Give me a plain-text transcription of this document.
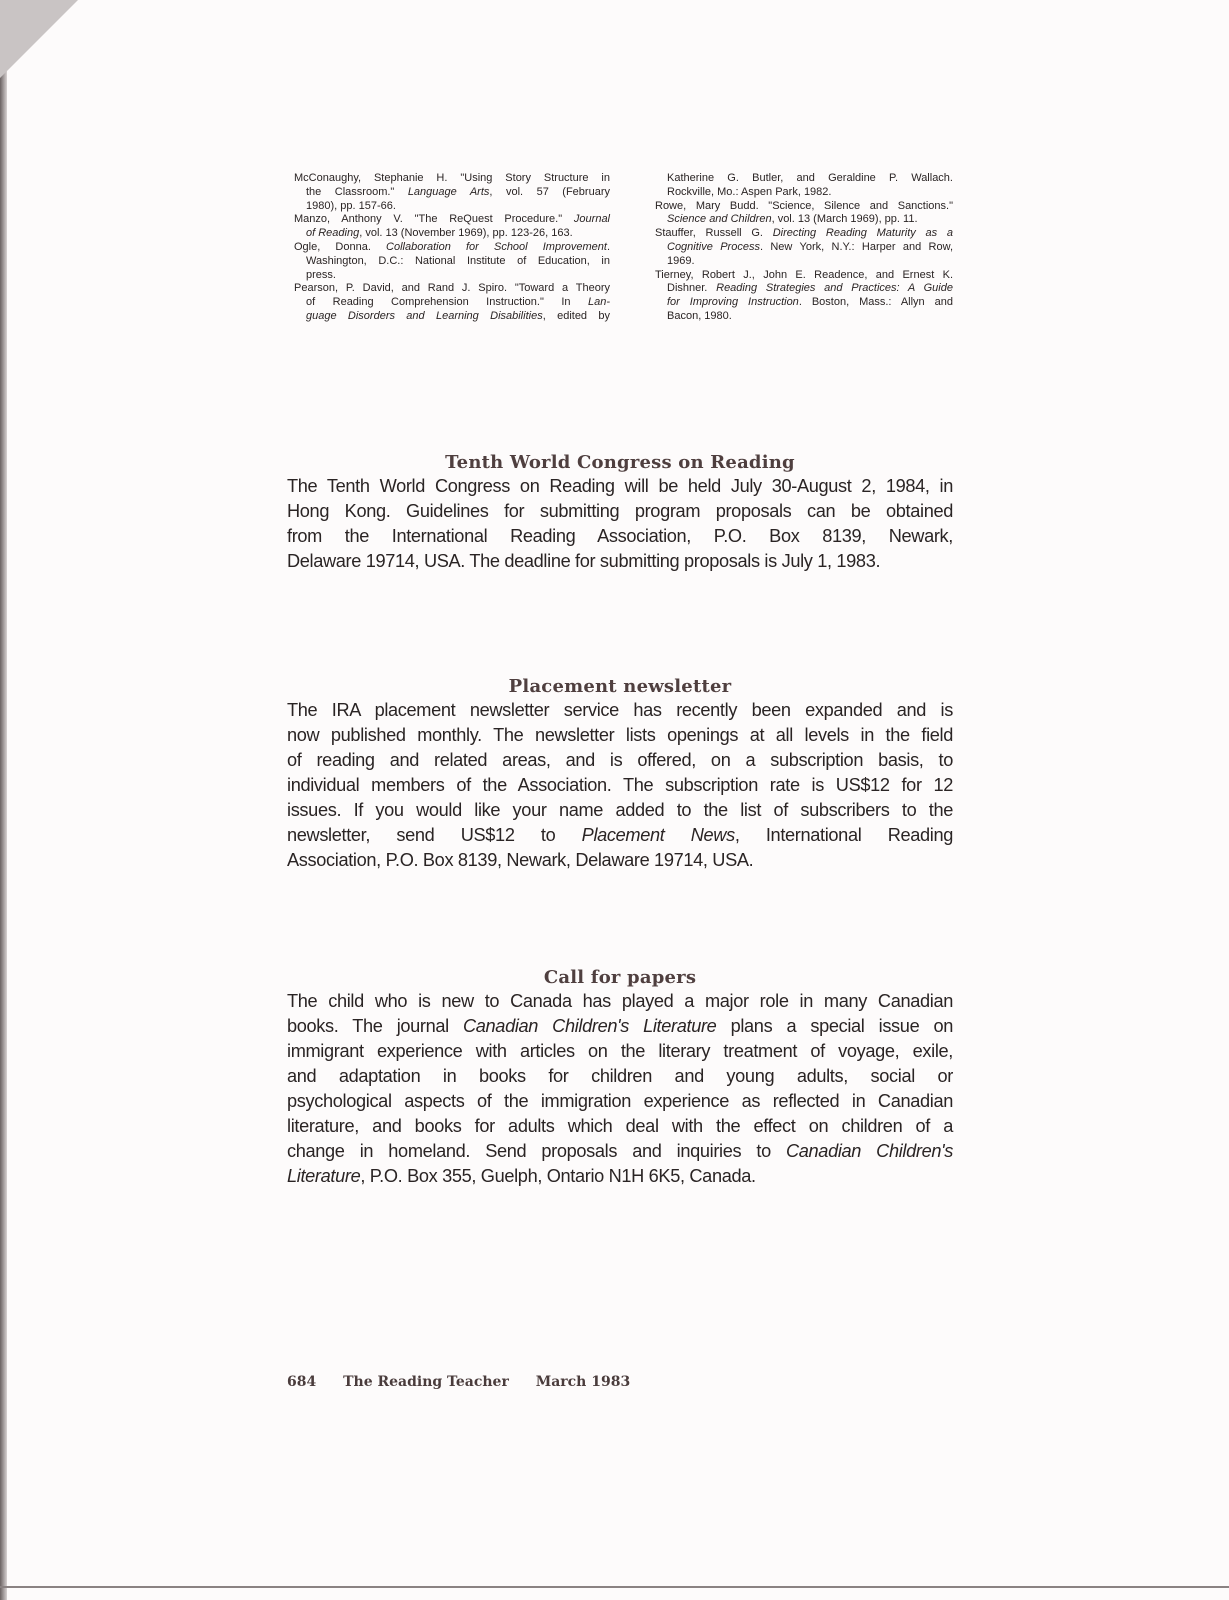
McConaughy, Stephanie H. "Using Story Structure in
the Classroom." Language Arts, vol. 57 (February
1980), pp. 157-66.
Manzo, Anthony V. "The ReQuest Procedure." Journal
of Reading, vol. 13 (November 1969), pp. 123-26, 163.
Ogle, Donna. Collaboration for School Improvement.
Washington, D.C.: National Institute of Education, in
press.
Pearson, P. David, and Rand J. Spiro. "Toward a Theory
of Reading Comprehension Instruction." In Lan-
guage Disorders and Learning Disabilities, edited by
Katherine G. Butler, and Geraldine P. Wallach.
Rockville, Mo.: Aspen Park, 1982.
Rowe, Mary Budd. "Science, Silence and Sanctions."
Science and Children, vol. 13 (March 1969), pp. 11.
Stauffer, Russell G. Directing Reading Maturity as a
Cognitive Process. New York, N.Y.: Harper and Row,
1969.
Tierney, Robert J., John E. Readence, and Ernest K.
Dishner. Reading Strategies and Practices: A Guide
for Improving Instruction. Boston, Mass.: Allyn and
Bacon, 1980.
Tenth World Congress on Reading
The Tenth World Congress on Reading will be held July 30-August 2, 1984, in
Hong Kong. Guidelines for submitting program proposals can be obtained
from the International Reading Association, P.O. Box 8139, Newark,
Delaware 19714, USA. The deadline for submitting proposals is July 1, 1983.
Placement newsletter
The IRA placement newsletter service has recently been expanded and is
now published monthly. The newsletter lists openings at all levels in the field
of reading and related areas, and is offered, on a subscription basis, to
individual members of the Association. The subscription rate is US$12 for 12
issues. If you would like your name added to the list of subscribers to the
newsletter, send US$12 to Placement News, International Reading
Association, P.O. Box 8139, Newark, Delaware 19714, USA.
Call for papers
The child who is new to Canada has played a major role in many Canadian
books. The journal Canadian Children's Literature plans a special issue on
immigrant experience with articles on the literary treatment of voyage, exile,
and adaptation in books for children and young adults, social or
psychological aspects of the immigration experience as reflected in Canadian
literature, and books for adults which deal with the effect on children of a
change in homeland. Send proposals and inquiries to Canadian Children's
Literature, P.O. Box 355, Guelph, Ontario N1H 6K5, Canada.
684 The Reading Teacher March 1983
